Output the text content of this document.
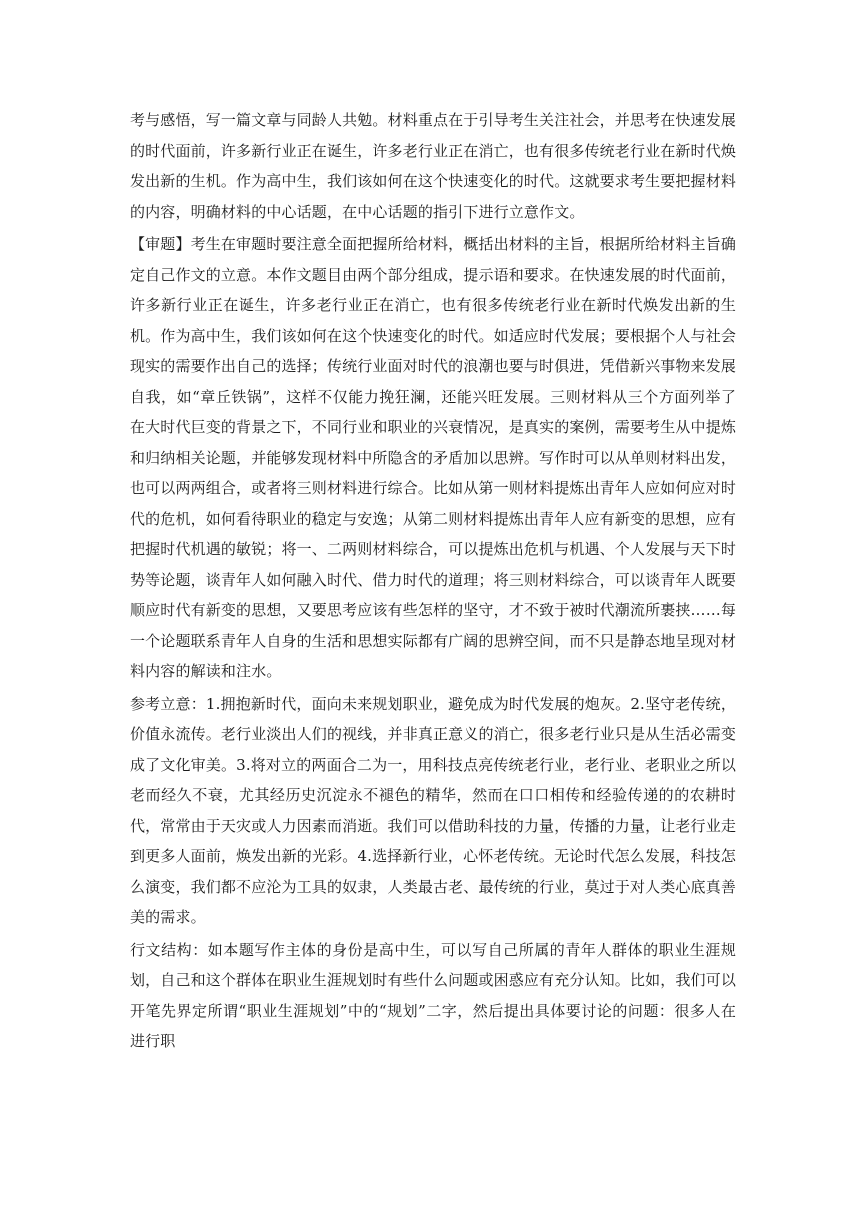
考与感悟，写一篇文章与同龄人共勉。材料重点在于引导考生关注社会，并思考在快速发展的时代面前，许多新行业正在诞生，许多老行业正在消亡，也有很多传统老行业在新时代焕发出新的生机。作为高中生，我们该如何在这个快速变化的时代。这就要求考生要把握材料的内容，明确材料的中心话题，在中心话题的指引下进行立意作文。

【审题】考生在审题时要注意全面把握所给材料，概括出材料的主旨，根据所给材料主旨确定自己作文的立意。本作文题目由两个部分组成，提示语和要求。在快速发展的时代面前，许多新行业正在诞生，许多老行业正在消亡，也有很多传统老行业在新时代焕发出新的生机。作为高中生，我们该如何在这个快速变化的时代。如适应时代发展；要根据个人与社会现实的需要作出自己的选择；传统行业面对时代的浪潮也要与时俱进，凭借新兴事物来发展自我，如“章丘铁锅”，这样不仅能力挽狂澜，还能兴旺发展。三则材料从三个方面列举了在大时代巨变的背景之下，不同行业和职业的兴衰情况，是真实的案例，需要考生从中提炼和归纳相关论题，并能够发现材料中所隐含的矛盾加以思辨。写作时可以从单则材料出发，也可以两两组合，或者将三则材料进行综合。比如从第一则材料提炼出青年人应如何应对时代的危机，如何看待职业的稳定与安逸；从第二则材料提炼出青年人应有新变的思想，应有把握时代机遇的敏锐；将一、二两则材料综合，可以提炼出危机与机遇、个人发展与天下时势等论题，谈青年人如何融入时代、借力时代的道理；将三则材料综合，可以谈青年人既要顺应时代有新变的思想，又要思考应该有些怎样的坚守，才不致于被时代潮流所裹挟……每一个论题联系青年人自身的生活和思想实际都有广阔的思辨空间，而不只是静态地呈现对材料内容的解读和注水。

参考立意：1.拥抱新时代，面向未来规划职业，避免成为时代发展的炮灰。2.坚守老传统，价值永流传。老行业淡出人们的视线，并非真正意义的消亡，很多老行业只是从生活必需变成了文化审美。3.将对立的两面合二为一，用科技点亮传统老行业，老行业、老职业之所以老而经久不衰，尤其经历史沉淀永不褪色的精华，然而在口口相传和经验传递的的农耕时代，常常由于天灾或人力因素而消逝。我们可以借助科技的力量，传播的力量，让老行业走到更多人面前，焕发出新的光彩。4.选择新行业，心怀老传统。无论时代怎么发展，科技怎么演变，我们都不应沦为工具的奴隶，人类最古老、最传统的行业，莫过于对人类心底真善美的需求。

行文结构：如本题写作主体的身份是高中生，可以写自己所属的青年人群体的职业生涯规划，自己和这个群体在职业生涯规划时有些什么问题或困惑应有充分认知。比如，我们可以开笔先界定所谓“职业生涯规划”中的“规划”二字，然后提出具体要讨论的问题：很多人在进行职
